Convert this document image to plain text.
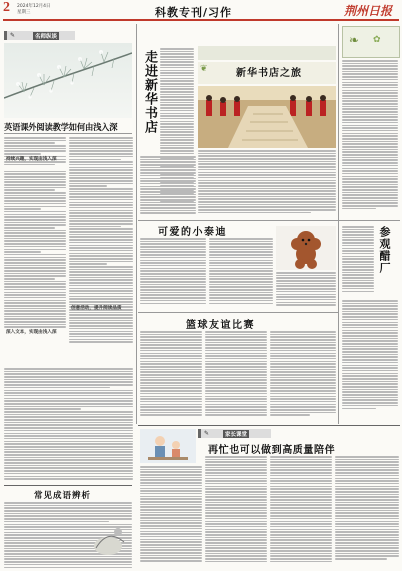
2 2024年12月4日
星期三	科教专刊/习作	荆州日报
✎	名师纵谈
英语课外阅读教学如何由浅入深
持续兴趣，实现由浅入深
深入文本，实现由浅入深
创意活动，提升阅读品质
常见成语辨析
走进新华书店	新华书店之旅
❦
❧ ✿
可爱的小泰迪	参观醋厂
篮球友谊比赛
✎	家长课堂
再忙也可以做到高质量陪伴
